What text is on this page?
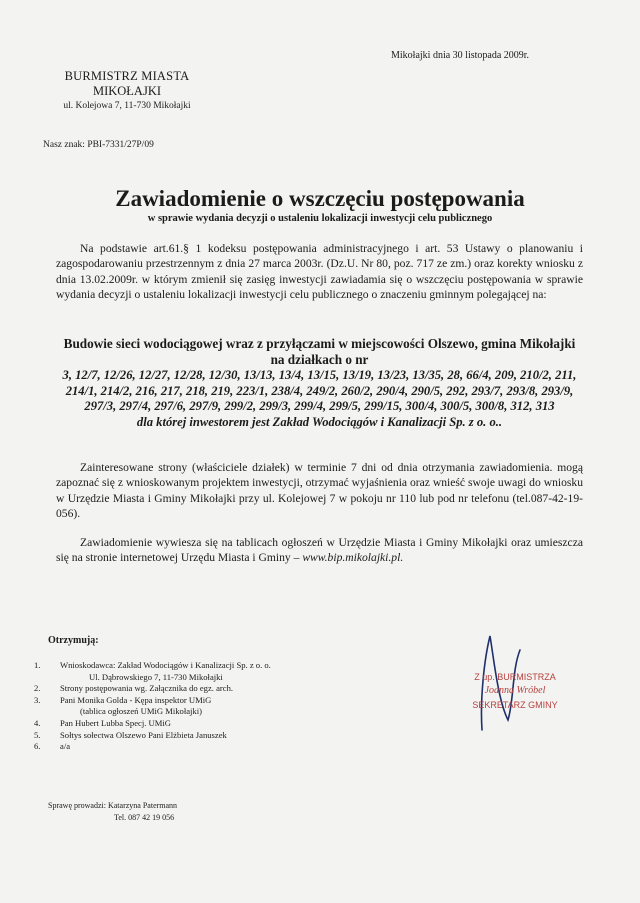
Mikołajki dnia 30 listopada 2009r.
BURMISTRZ MIASTA
MIKOŁAJKI
ul. Kolejowa 7, 11-730 Mikołajki
Nasz znak: PBI-7331/27P/09
Zawiadomienie o wszczęciu postępowania
w sprawie wydania decyzji o ustaleniu lokalizacji inwestycji celu publicznego
Na podstawie art.61.§ 1 kodeksu postępowania administracyjnego i art. 53 Ustawy o planowaniu i zagospodarowaniu przestrzennym z dnia 27 marca 2003r. (Dz.U. Nr 80, poz. 717 ze zm.) oraz korekty wniosku z dnia 13.02.2009r. w którym zmienił się zasięg inwestycji zawiadamia się o wszczęciu postępowania w sprawie wydania decyzji o ustaleniu lokalizacji inwestycji celu publicznego o znaczeniu gminnym polegającej na:
Budowie sieci wodociągowej wraz z przyłączami w miejscowości Olszewo, gmina Mikołajki na działkach o nr
3, 12/7, 12/26, 12/27, 12/28, 12/30, 13/13, 13/4, 13/15, 13/19, 13/23, 13/35, 28, 66/4, 209, 210/2, 211, 214/1, 214/2, 216, 217, 218, 219, 223/1, 238/4, 249/2, 260/2, 290/4, 290/5, 292, 293/7, 293/8, 293/9, 297/3, 297/4, 297/6, 297/9, 299/2, 299/3, 299/4, 299/5, 299/15, 300/4, 300/5, 300/8, 312, 313
dla której inwestorem jest Zakład Wodociągów i Kanalizacji Sp. z o. o..
Zainteresowane strony (właściciele działek) w terminie 7 dni od dnia otrzymania zawiadomienia. mogą zapoznać się z wnioskowanym projektem inwestycji, otrzymać wyjaśnienia oraz wnieść swoje uwagi do wniosku w Urzędzie Miasta i Gminy Mikołajki przy ul. Kolejowej 7 w pokoju nr 110 lub pod nr telefonu (tel.087-42-19-056).
Zawiadomienie wywiesza się na tablicach ogłoszeń w Urzędzie Miasta i Gminy Mikołajki oraz umieszcza się na stronie internetowej Urzędu Miasta i Gminy – www.bip.mikolajki.pl.
Otrzymują:
1.	Wnioskodawca: Zakład Wodociągów i Kanalizacji Sp. z o. o.
Ul. Dąbrowskiego 7, 11-730 Mikołajki
2.	Strony postępowania wg. Załącznika do egz. arch.
3.	Pani Monika Golda - Kępa inspektor UMiG
(tablica ogłoszeń UMiG Mikołajki)
4.	Pan Hubert Lubba Specj. UMiG
5.	Sołtys sołectwa Olszewo Pani Elżbieta Januszek
6.	a/a
Sprawę prowadzi: Katarzyna Patermann
Tel. 087 42 19 056
Z up. BURMISTRZA
Joanna Wróbel
SEKRETARZ GMINY
